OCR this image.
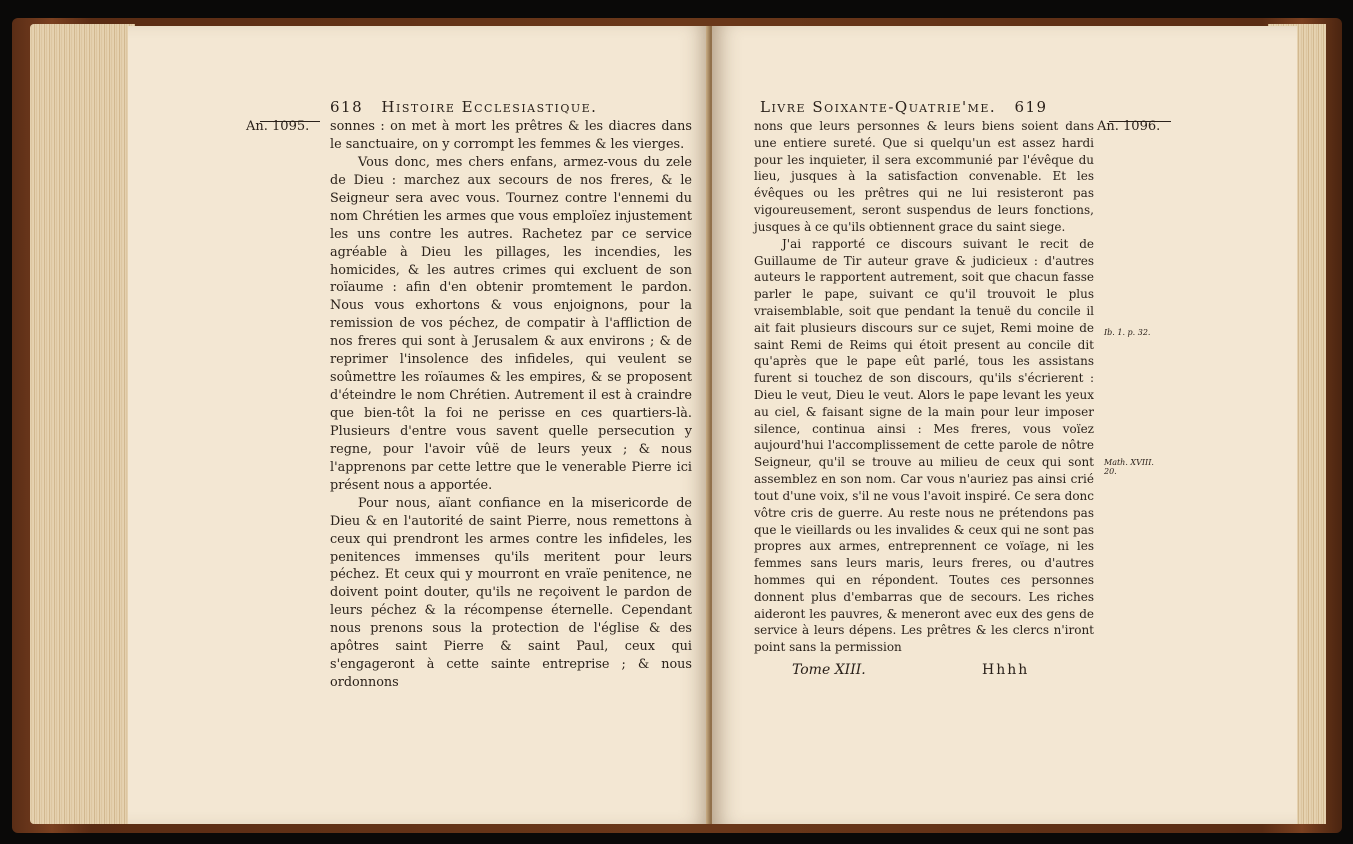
618 Histoire Ecclesiastique.
An. 1095. sonnes : on met à mort les prêtres & les diacres dans le sanctuaire, on y corrompt les femmes & les vierges.

Vous donc, mes chers enfans, armez-vous du zele de Dieu : marchez aux secours de nos freres, & le Seigneur sera avec vous. Tournez contre l'ennemi du nom Chrétien les armes que vous emploïez injustement les uns contre les autres. Rachetez par ce service agréable à Dieu les pillages, les incendies, les homicides, & les autres crimes qui excluent de son roïaume : afin d'en obtenir promtement le pardon. Nous vous exhortons & vous enjoignons, pour la remission de vos péchez, de compatir à l'affliction de nos freres qui sont à Jerusalem & aux environs ; & de reprimer l'insolence des infideles, qui veulent se soûmettre les roïaumes & les empires, & se proposent d'éteindre le nom Chrétien. Autrement il est à craindre que bien-tôt la foi ne perisse en ces quartiers-là. Plusieurs d'entre vous savent quelle persecution y regne, pour l'avoir vûë de leurs yeux ; & nous l'apprenons par cette lettre que le venerable Pierre ici présent nous a apportée.

Pour nous, aïant confiance en la misericorde de Dieu & en l'autorité de saint Pierre, nous remettons à ceux qui prendront les armes contre les infideles, les penitences immenses qu'ils meritent pour leurs péchez. Et ceux qui y mourront en vraïe penitence, ne doivent point douter, qu'ils ne reçoivent le pardon de leurs péchez & la récompense éternelle. Cependant nous prenons sous la protection de l'église & des apôtres saint Pierre & saint Paul, ceux qui s'engageront à cette sainte entreprise ; & nous ordonnons

Livre Soixante-Quatrie'me. 619
An. 1096.
Ib. 1. p. 32.
Math. XVIII. 20.

nons que leurs personnes & leurs biens soient dans une entiere sureté. Que si quelqu'un est assez hardi pour les inquieter, il sera excommunié par l'évêque du lieu, jusques à la satisfaction convenable. Et les évêques ou les prêtres qui ne lui resisteront pas vigoureusement, seront suspendus de leurs fonctions, jusques à ce qu'ils obtiennent grace du saint siege.

J'ai rapporté ce discours suivant le recit de Guillaume de Tir auteur grave & judicieux : d'autres auteurs le rapportent autrement, soit que chacun fasse parler le pape, suivant ce qu'il trouvoit le plus vraisemblable, soit que pendant la tenuë du concile il ait fait plusieurs discours sur ce sujet, Remi moine de saint Remi de Reims qui étoit present au concile dit qu'après que le pape eût parlé, tous les assistans furent si touchez de son discours, qu'ils s'écrierent : Dieu le veut, Dieu le veut. Alors le pape levant les yeux au ciel, & faisant signe de la main pour leur imposer silence, continua ainsi : Mes freres, vous voïez aujourd'hui l'accomplissement de cette parole de nôtre Seigneur, qu'il se trouve au milieu de ceux qui sont assemblez en son nom. Car vous n'auriez pas ainsi crié tout d'une voix, s'il ne vous l'avoit inspiré. Ce sera donc vôtre cris de guerre. Au reste nous ne prétendons pas que le vieillards ou les invalides & ceux qui ne sont pas propres aux armes, entreprennent ce voïage, ni les femmes sans leurs maris, leurs freres, ou d'autres hommes qui en répondent. Toutes ces personnes donnent plus d'embarras que de secours. Les riches aideront les pauvres, & meneront avec eux des gens de service à leurs dépens. Les prêtres & les clercs n'iront point sans la permission

Tome XIII.	Hhhh
